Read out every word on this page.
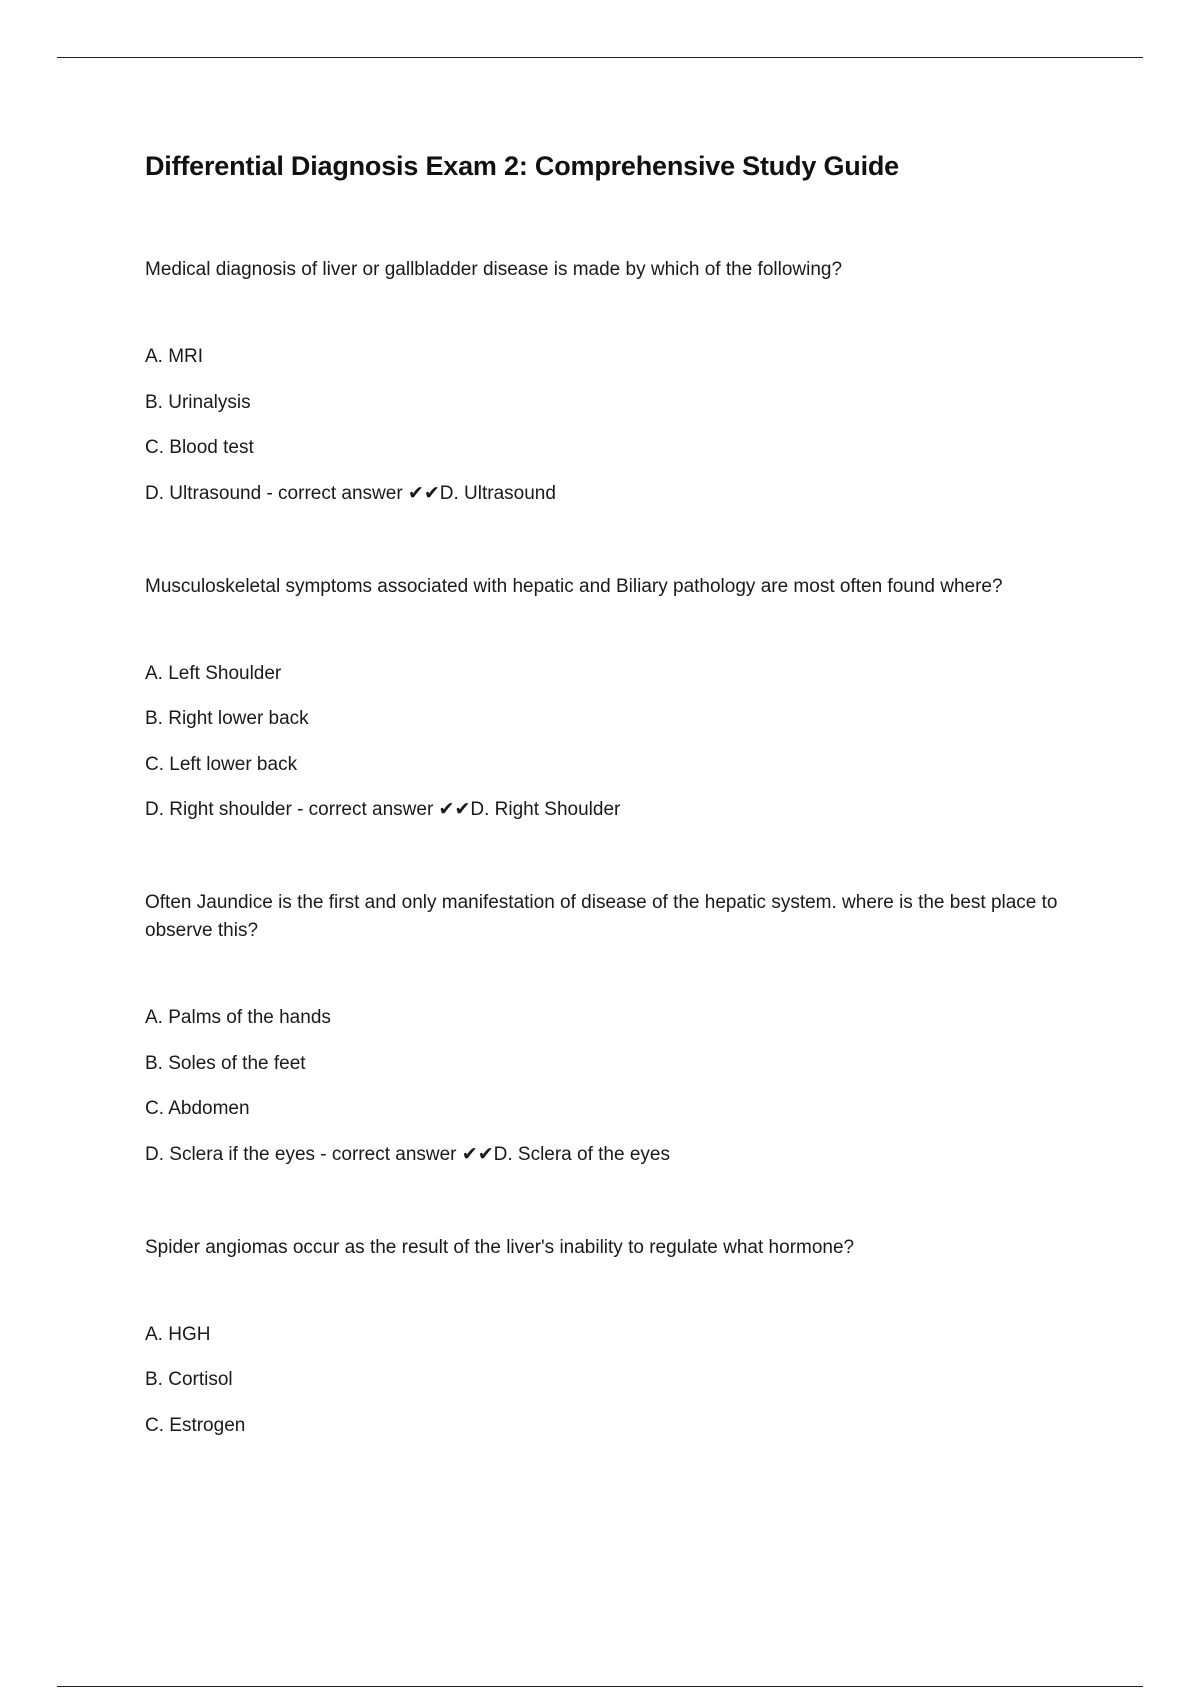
Differential Diagnosis Exam 2: Comprehensive Study Guide

Medical diagnosis of liver or gallbladder disease is made by which of the following?

A. MRI
B. Urinalysis
C. Blood test
D. Ultrasound - correct answer ✔✔D. Ultrasound

Musculoskeletal symptoms associated with hepatic and Biliary pathology are most often found where?

A. Left Shoulder
B. Right lower back
C. Left lower back
D. Right shoulder - correct answer ✔✔D. Right Shoulder

Often Jaundice is the first and only manifestation of disease of the hepatic system. where is the best place to observe this?

A. Palms of the hands
B. Soles of the feet
C. Abdomen
D. Sclera if the eyes - correct answer ✔✔D. Sclera of the eyes

Spider angiomas occur as the result of the liver's inability to regulate what hormone?

A. HGH
B. Cortisol
C. Estrogen
